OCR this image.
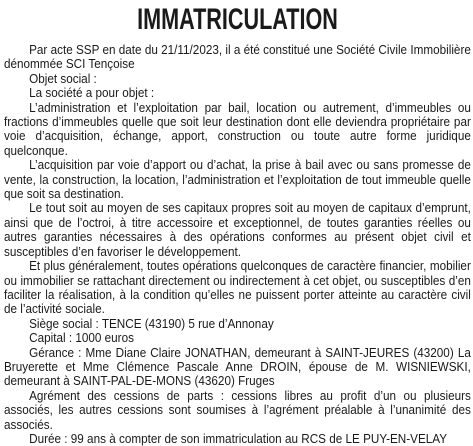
IMMATRICULATION

Par acte SSP en date du 21/11/2023, il a été constitué une Société Civile Immobilière dénommée SCI Tençoise

Objet social :

La société a pour objet :

L’administration et l’exploitation par bail, location ou autrement, d’immeubles ou fractions d’immeubles quelle que soit leur destination dont elle deviendra propriétaire par voie d’acquisition, échange, apport, construction ou toute autre forme juridique quelconque.

L’acquisition par voie d’apport ou d’achat, la prise à bail avec ou sans promesse de vente, la construction, la location, l’administration et l’exploitation de tout immeuble quelle que soit sa destination.

Le tout soit au moyen de ses capitaux propres soit au moyen de capitaux d’emprunt, ainsi que de l’octroi, à titre accessoire et exceptionnel, de toutes garanties réelles ou autres garanties nécessaires à des opérations conformes au présent objet civil et susceptibles d’en favoriser le développement.

Et plus généralement, toutes opérations quelconques de caractère financier, mobilier ou immobilier se rattachant directement ou indirectement à cet objet, ou susceptibles d’en faciliter la réalisation, à la condition qu’elles ne puissent porter atteinte au caractère civil de l’activité sociale.

Siège social : TENCE (43190) 5 rue d’Annonay

Capital : 1000 euros

Gérance : Mme Diane Claire JONATHAN, demeurant à SAINT-JEURES (43200) La Bruyerette et Mme Clémence Pascale Anne DROIN, épouse de M. WISNIEWSKI, demeurant à SAINT-PAL-DE-MONS (43620) Fruges

Agrément des cessions de parts : cessions libres au profit d’un ou plusieurs associés, les autres cessions sont soumises à l’agrément préalable à l’unanimité des associés.

Durée : 99 ans à compter de son immatriculation au RCS de LE PUY-EN-VELAY
